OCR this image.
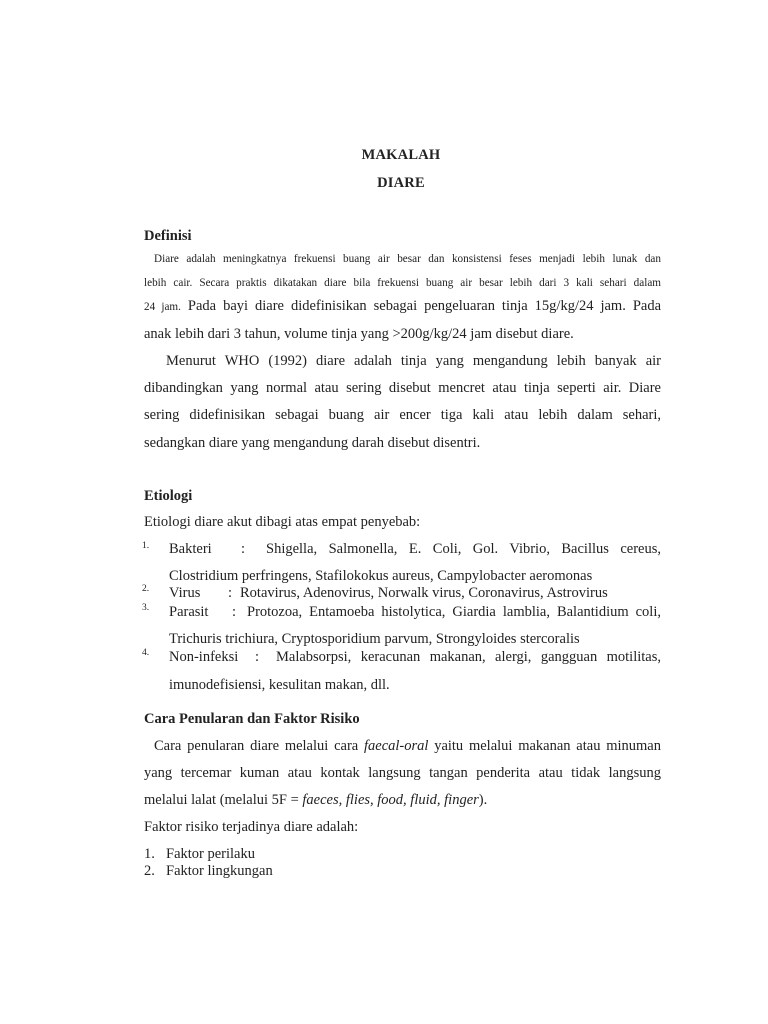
MAKALAH
DIARE
Definisi
Diare adalah meningkatnya frekuensi buang air besar dan konsistensi feses menjadi lebih lunak dan
lebih cair. Secara praktis dikatakan diare bila frekuensi buang air besar lebih dari 3 kali sehari dalam
24 jam. Pada bayi diare didefinisikan sebagai pengeluaran tinja 15g/kg/24 jam. Pada
anak lebih dari 3 tahun, volume tinja yang >200g/kg/24 jam disebut diare.
Menurut WHO (1992) diare adalah tinja yang mengandung lebih banyak air
dibandingkan yang normal atau sering disebut mencret atau tinja seperti air. Diare
sering didefinisikan sebagai buang air encer tiga kali atau lebih dalam sehari,
sedangkan diare yang mengandung darah disebut disentri.
Etiologi
Etiologi diare akut dibagi atas empat penyebab:
1. Bakteri : Shigella, Salmonella, E. Coli, Gol. Vibrio, Bacillus cereus,
Clostridium perfringens, Stafilokokus aureus, Campylobacter aeromonas
2. Virus : Rotavirus, Adenovirus, Norwalk virus, Coronavirus, Astrovirus
3. Parasit : Protozoa, Entamoeba histolytica, Giardia lamblia, Balantidium coli,
Trichuris trichiura, Cryptosporidium parvum, Strongyloides stercoralis
4. Non-infeksi : Malabsorpsi, keracunan makanan, alergi, gangguan motilitas,
imunodefisiensi, kesulitan makan, dll.
Cara Penularan dan Faktor Risiko
Cara penularan diare melalui cara faecal-oral yaitu melalui makanan atau minuman
yang tercemar kuman atau kontak langsung tangan penderita atau tidak langsung
melalui lalat (melalui 5F = faeces, flies, food, fluid, finger).
Faktor risiko terjadinya diare adalah:
1. Faktor perilaku
2. Faktor lingkungan
